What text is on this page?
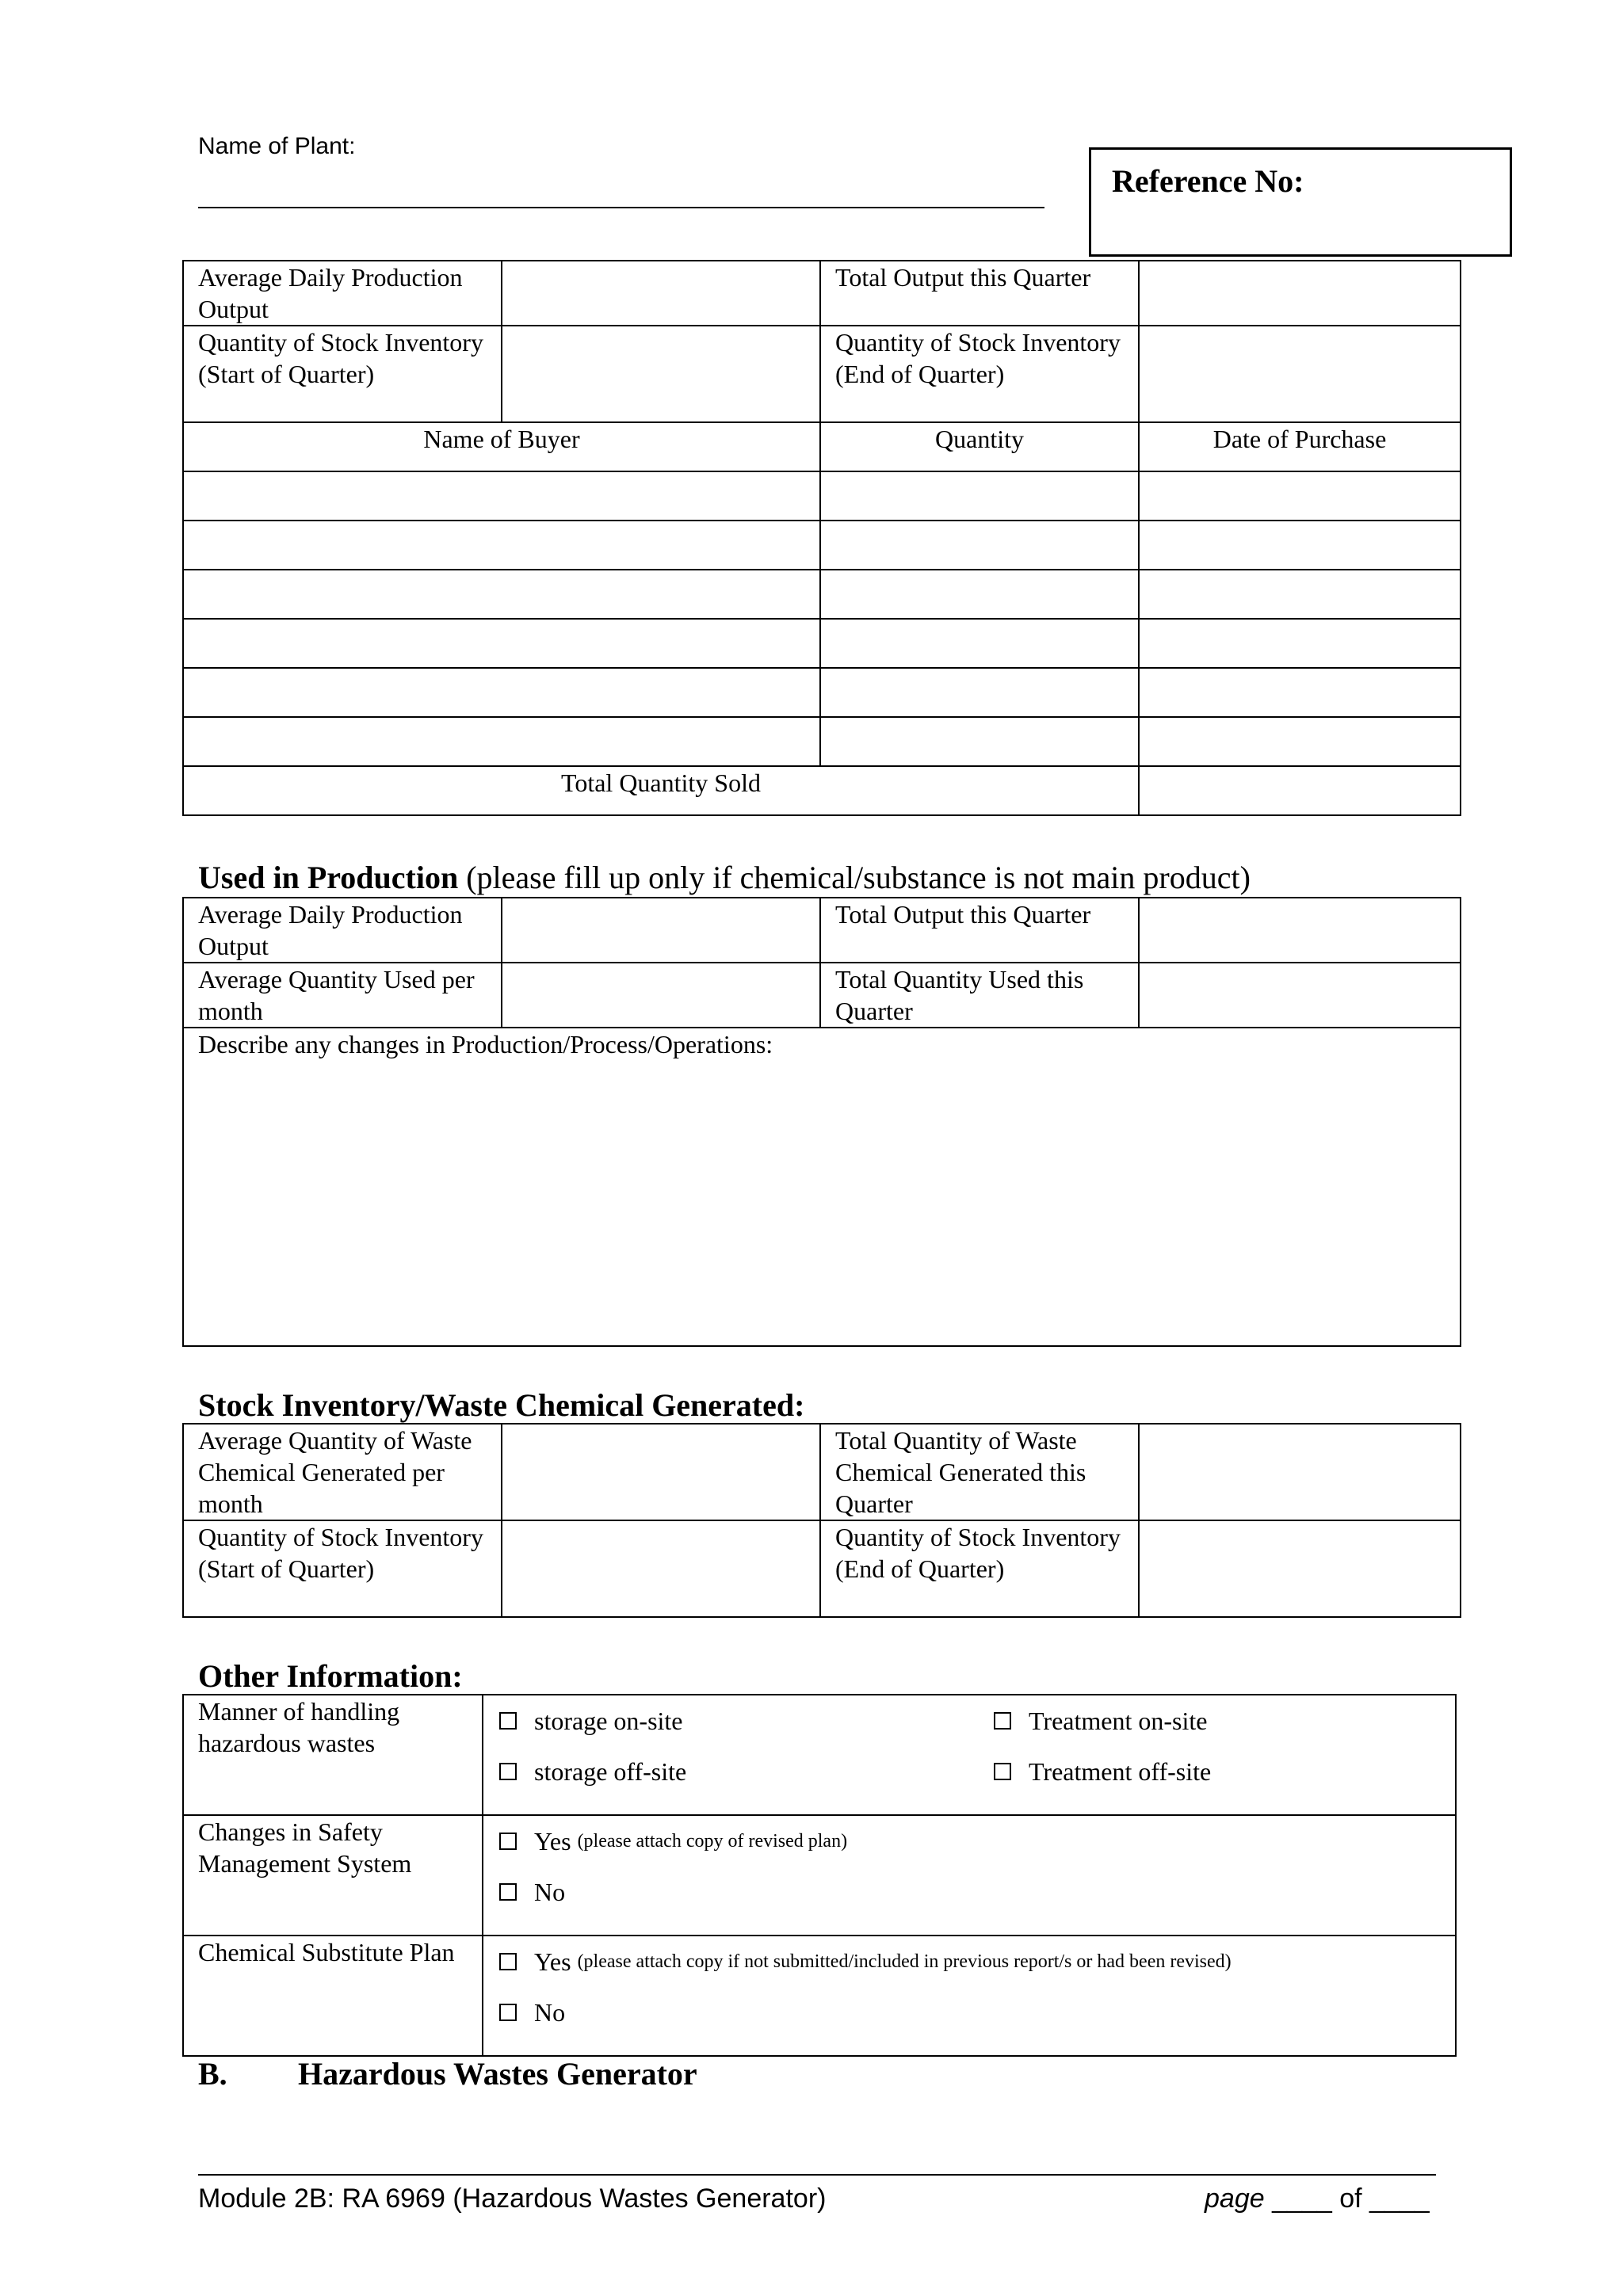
Name of Plant:
Reference No:
Average Daily Production Output		Total Output this Quarter	
Quantity of Stock Inventory (Start of Quarter)		Quantity of Stock Inventory (End of Quarter)	
Name of Buyer		Quantity	Date of Purchase

Total Quantity Sold			
Used in Production (please fill up only if chemical/substance is not main product)
Average Daily Production Output		Total Output this Quarter	
Average Quantity Used per month		Total Quantity Used this Quarter	
Describe any changes in Production/Process/Operations:			
Stock Inventory/Waste Chemical Generated:
Average Quantity of Waste Chemical Generated per month		Total Quantity of Waste Chemical Generated this Quarter	
Quantity of Stock Inventory (Start of Quarter)		Quantity of Stock Inventory (End of Quarter)	
Other Information:
Manner of handling hazardous wastes	storage on-site
storage off-site
Treatment on-site
Treatment off-site

Changes in Safety Management System	Yes
(please attach copy of revised plan)
No

Chemical Substitute Plan	Yes
(please attach copy if not submitted/included in previous report/s or had been revised)
No
B. Hazardous Wastes Generator
Module 2B: RA 6969 (Hazardous Wastes Generator)	page ____ of ____
